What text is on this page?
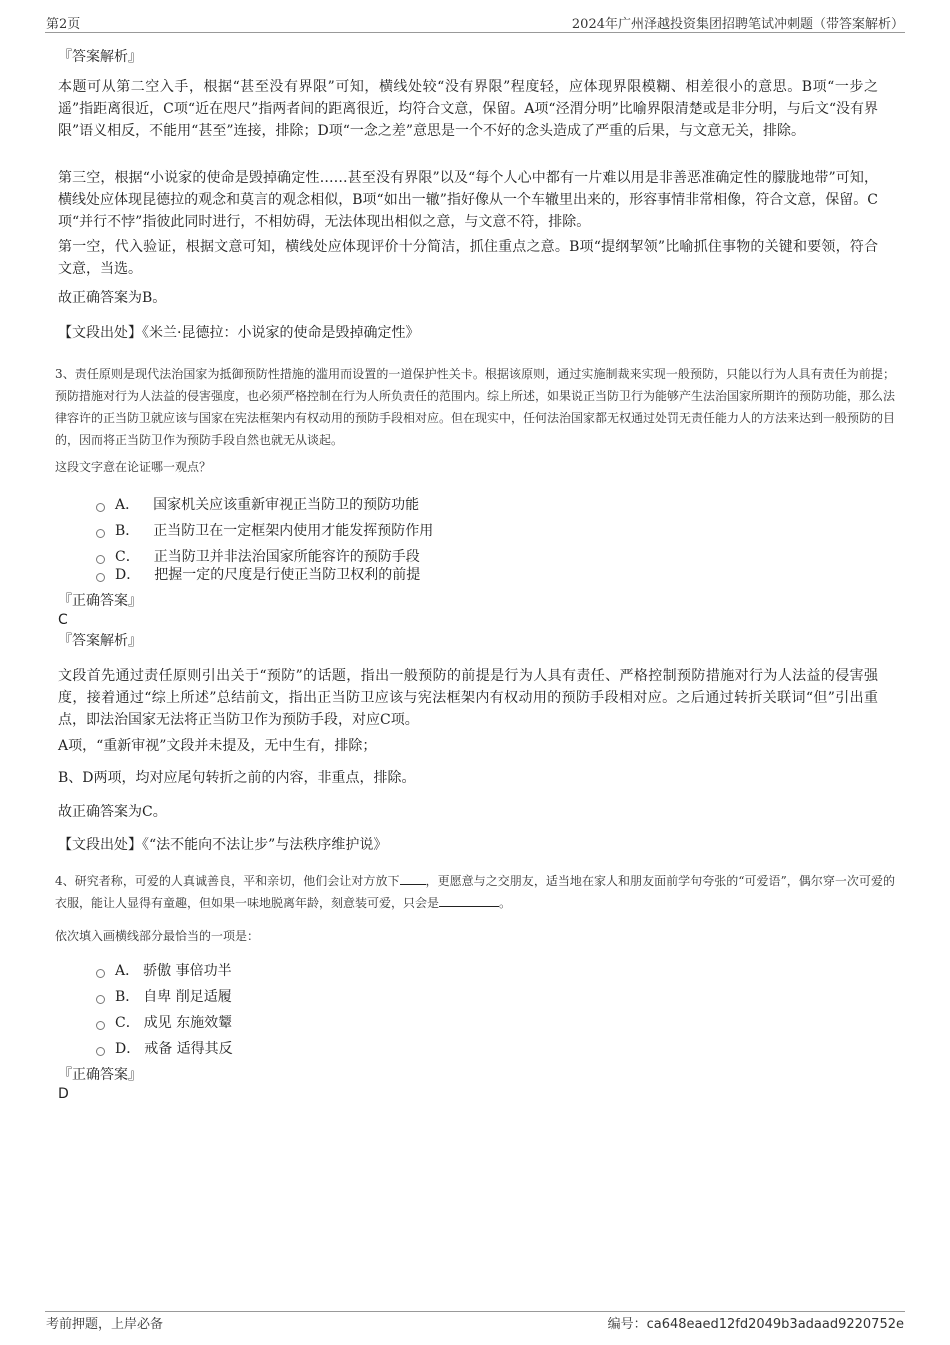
第2页	2024年广州泽越投资集团招聘笔试冲刺题（带答案解析）
『答案解析』
本题可从第二空入手，根据“甚至没有界限”可知，横线处较“没有界限”程度轻，应体现界限模糊、相差很小的意思。B项“一步之遥”指距离很近，C项“近在咫尺”指两者间的距离很近，均符合文意，保留。A项“泾渭分明”比喻界限清楚或是非分明，与后文“没有界限”语义相反，不能用“甚至”连接，排除；D项“一念之差”意思是一个不好的念头造成了严重的后果，与文意无关，排除。
第三空，根据“小说家的使命是毁掉确定性……甚至没有界限”以及“每个人心中都有一片难以用是非善恶准确定性的朦胧地带”可知，横线处应体现昆德拉的观念和莫言的观念相似，B项“如出一辙”指好像从一个车辙里出来的，形容事情非常相像，符合文意，保留。C项“并行不悖”指彼此同时进行，不相妨碍，无法体现出相似之意，与文意不符，排除。
第一空，代入验证，根据文意可知，横线处应体现评价十分简洁，抓住重点之意。B项“提纲挈领”比喻抓住事物的关键和要领，符合文意，当选。
故正确答案为B。
【文段出处】《米兰·昆德拉：小说家的使命是毁掉确定性》
3、责任原则是现代法治国家为抵御预防性措施的滥用而设置的一道保护性关卡。根据该原则，通过实施制裁来实现一般预防，只能以行为人具有责任为前提；预防措施对行为人法益的侵害强度，也必须严格控制在行为人所负责任的范围内。综上所述，如果说正当防卫行为能够产生法治国家所期许的预防功能，那么法律容许的正当防卫就应该与国家在宪法框架内有权动用的预防手段相对应。但在现实中，任何法治国家都无权通过处罚无责任能力人的方法来达到一般预防的目的，因而将正当防卫作为预防手段自然也就无从谈起。
这段文字意在论证哪一观点？
A． 国家机关应该重新审视正当防卫的预防功能
B． 正当防卫在一定框架内使用才能发挥预防作用
C． 正当防卫并非法治国家所能容许的预防手段
D． 把握一定的尺度是行使正当防卫权利的前提
『正确答案』
C
『答案解析』
文段首先通过责任原则引出关于“预防”的话题，指出一般预防的前提是行为人具有责任、严格控制预防措施对行为人法益的侵害强度，接着通过“综上所述”总结前文，指出正当防卫应该与宪法框架内有权动用的预防手段相对应。之后通过转折关联词“但”引出重点，即法治国家无法将正当防卫作为预防手段，对应C项。
A项，“重新审视”文段并未提及，无中生有，排除；
B、D两项，均对应尾句转折之前的内容，非重点，排除。
故正确答案为C。
【文段出处】《“法不能向不法让步”与法秩序维护说》
4、研究者称，可爱的人真诚善良，平和亲切，他们会让对方放下 ，更愿意与之交朋友，适当地在家人和朋友面前学句夸张的“可爱语”，偶尔穿一次可爱的衣服，能让人显得有童趣，但如果一味地脱离年龄，刻意装可爱，只会是	。
依次填入画横线部分最恰当的一项是：
A． 骄傲 事倍功半
B． 自卑 削足适履
C． 成见 东施效颦
D． 戒备 适得其反
『正确答案』
D
考前押题，上岸必备	编号：ca648eaed12fd2049b3adaad9220752e
